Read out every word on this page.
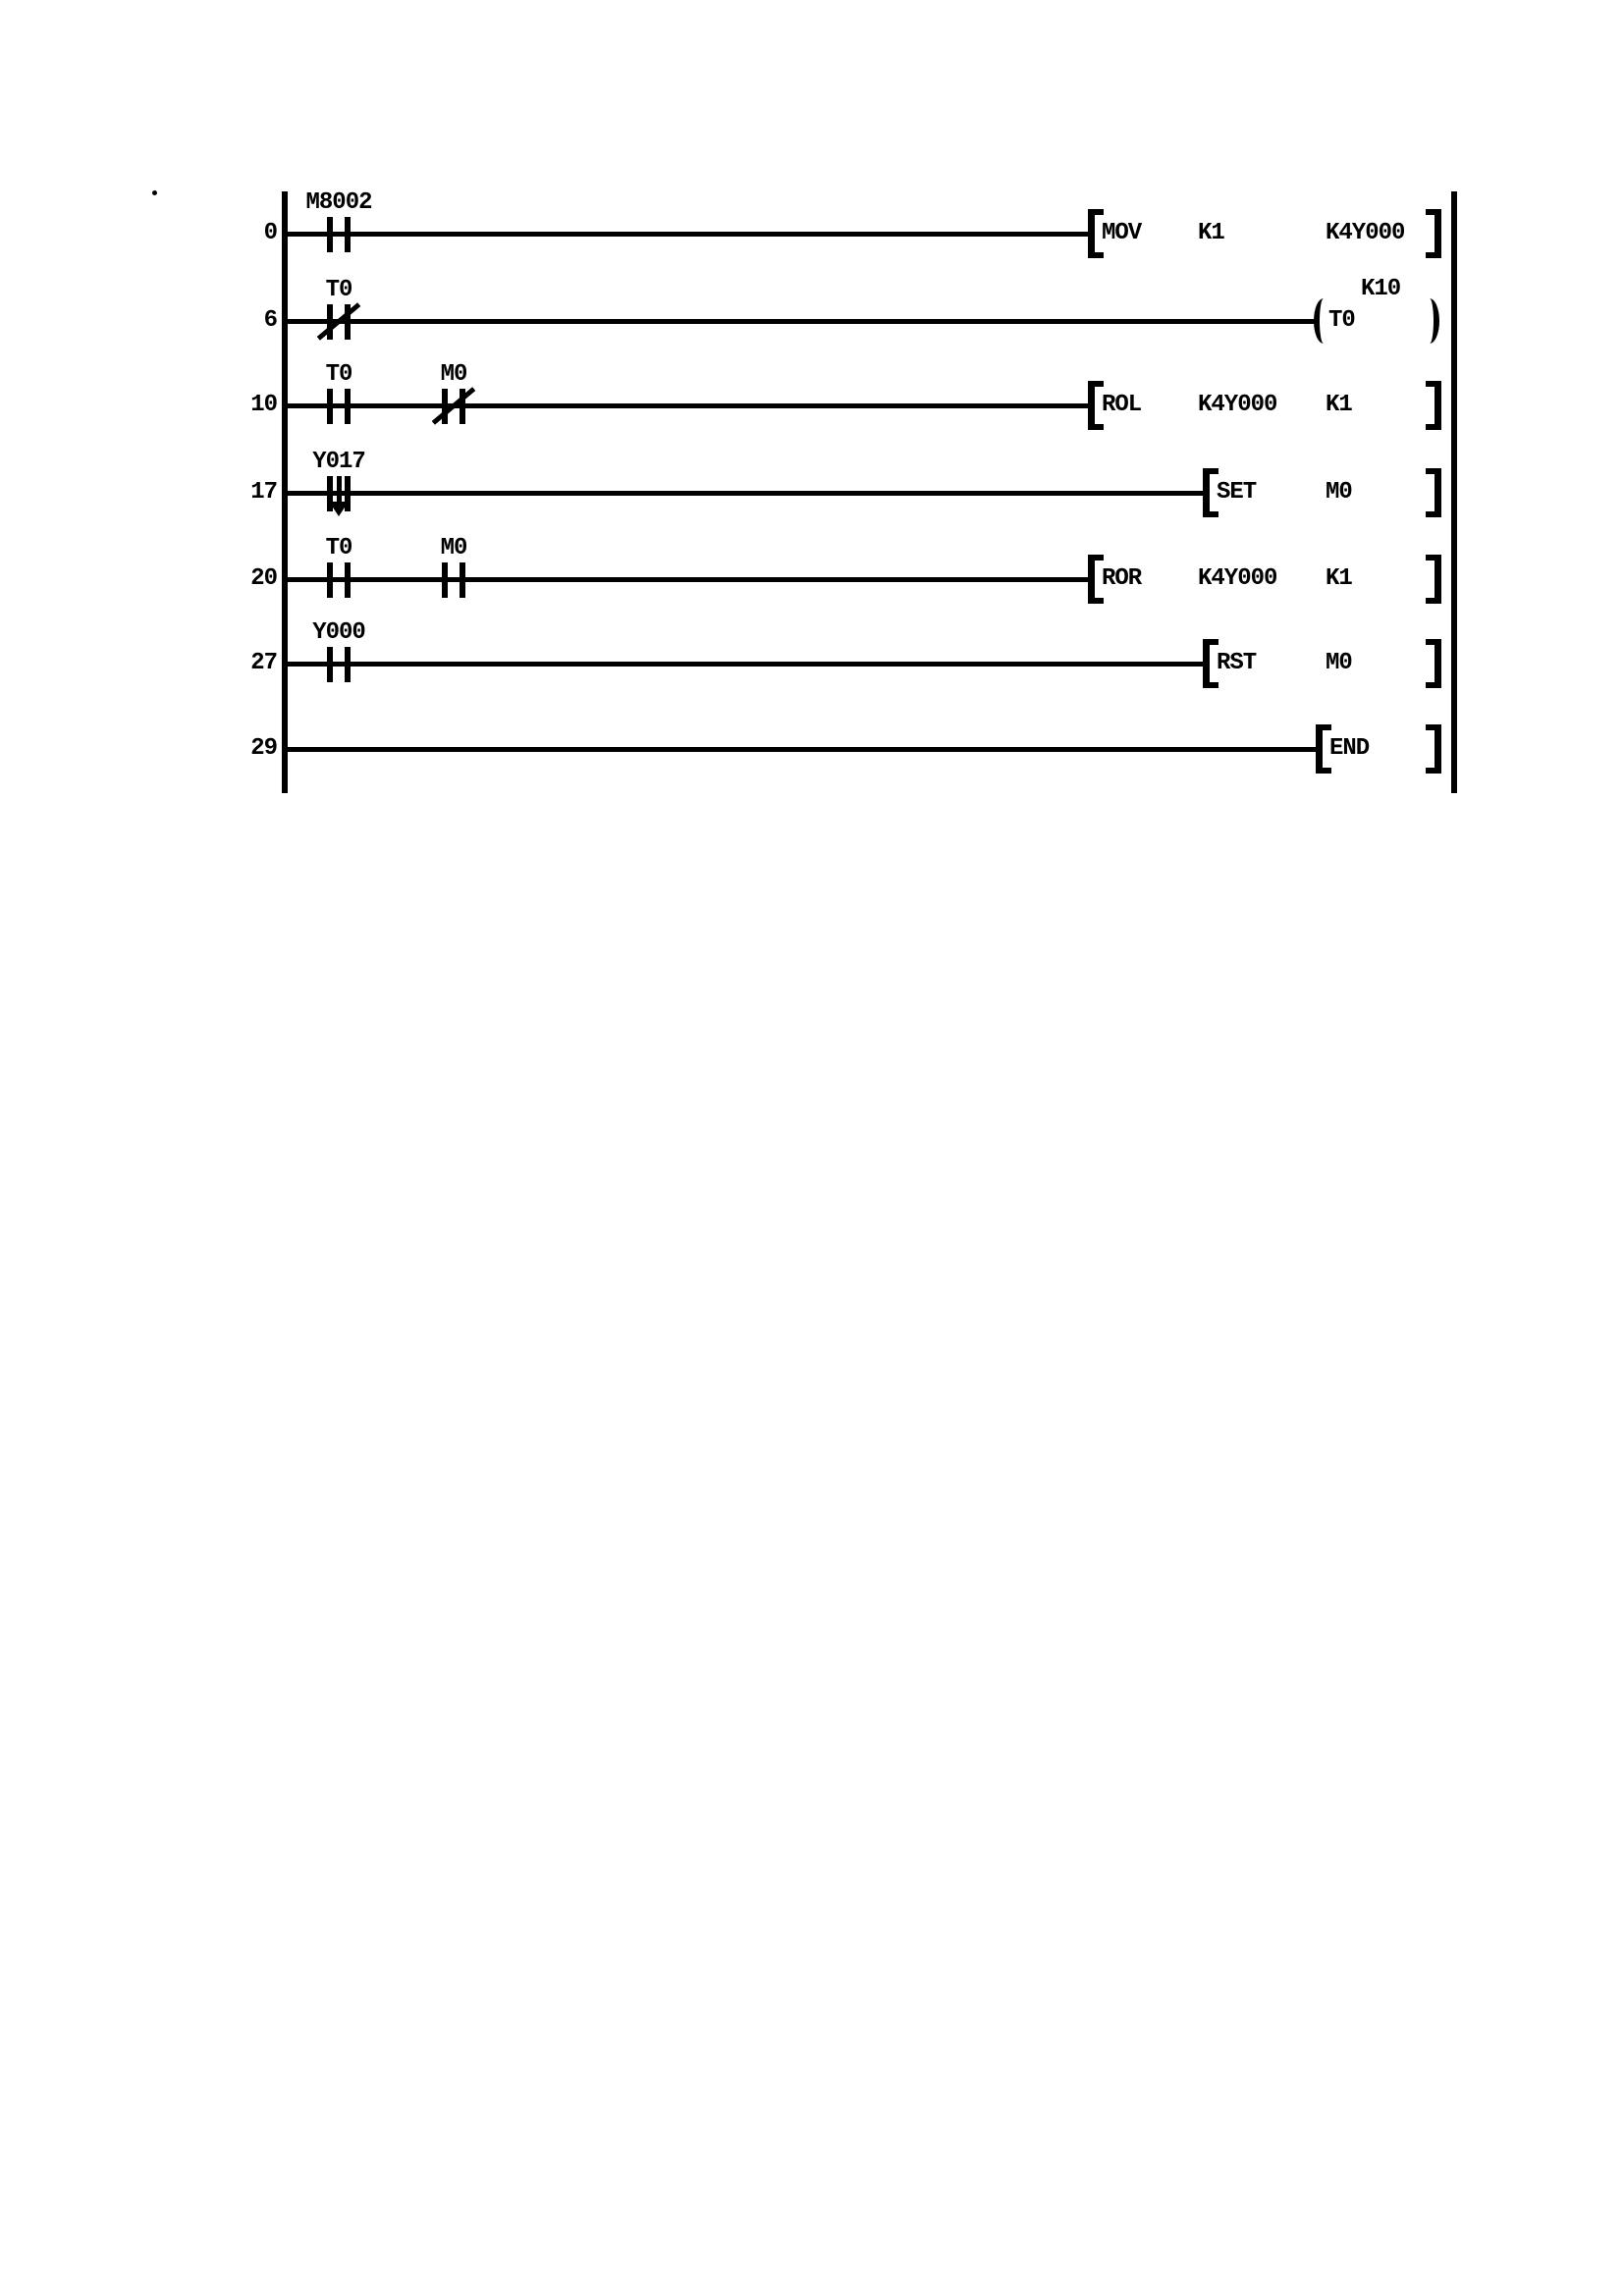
0
M8002
MOV K1	K4Y000
6
T0
T0
K10
10
T0	M0
ROL K4Y000 K1
17
Y017
SET	M0
20
T0	M0
ROR K4Y000 K1
27
Y000
RST	M0
29	END
